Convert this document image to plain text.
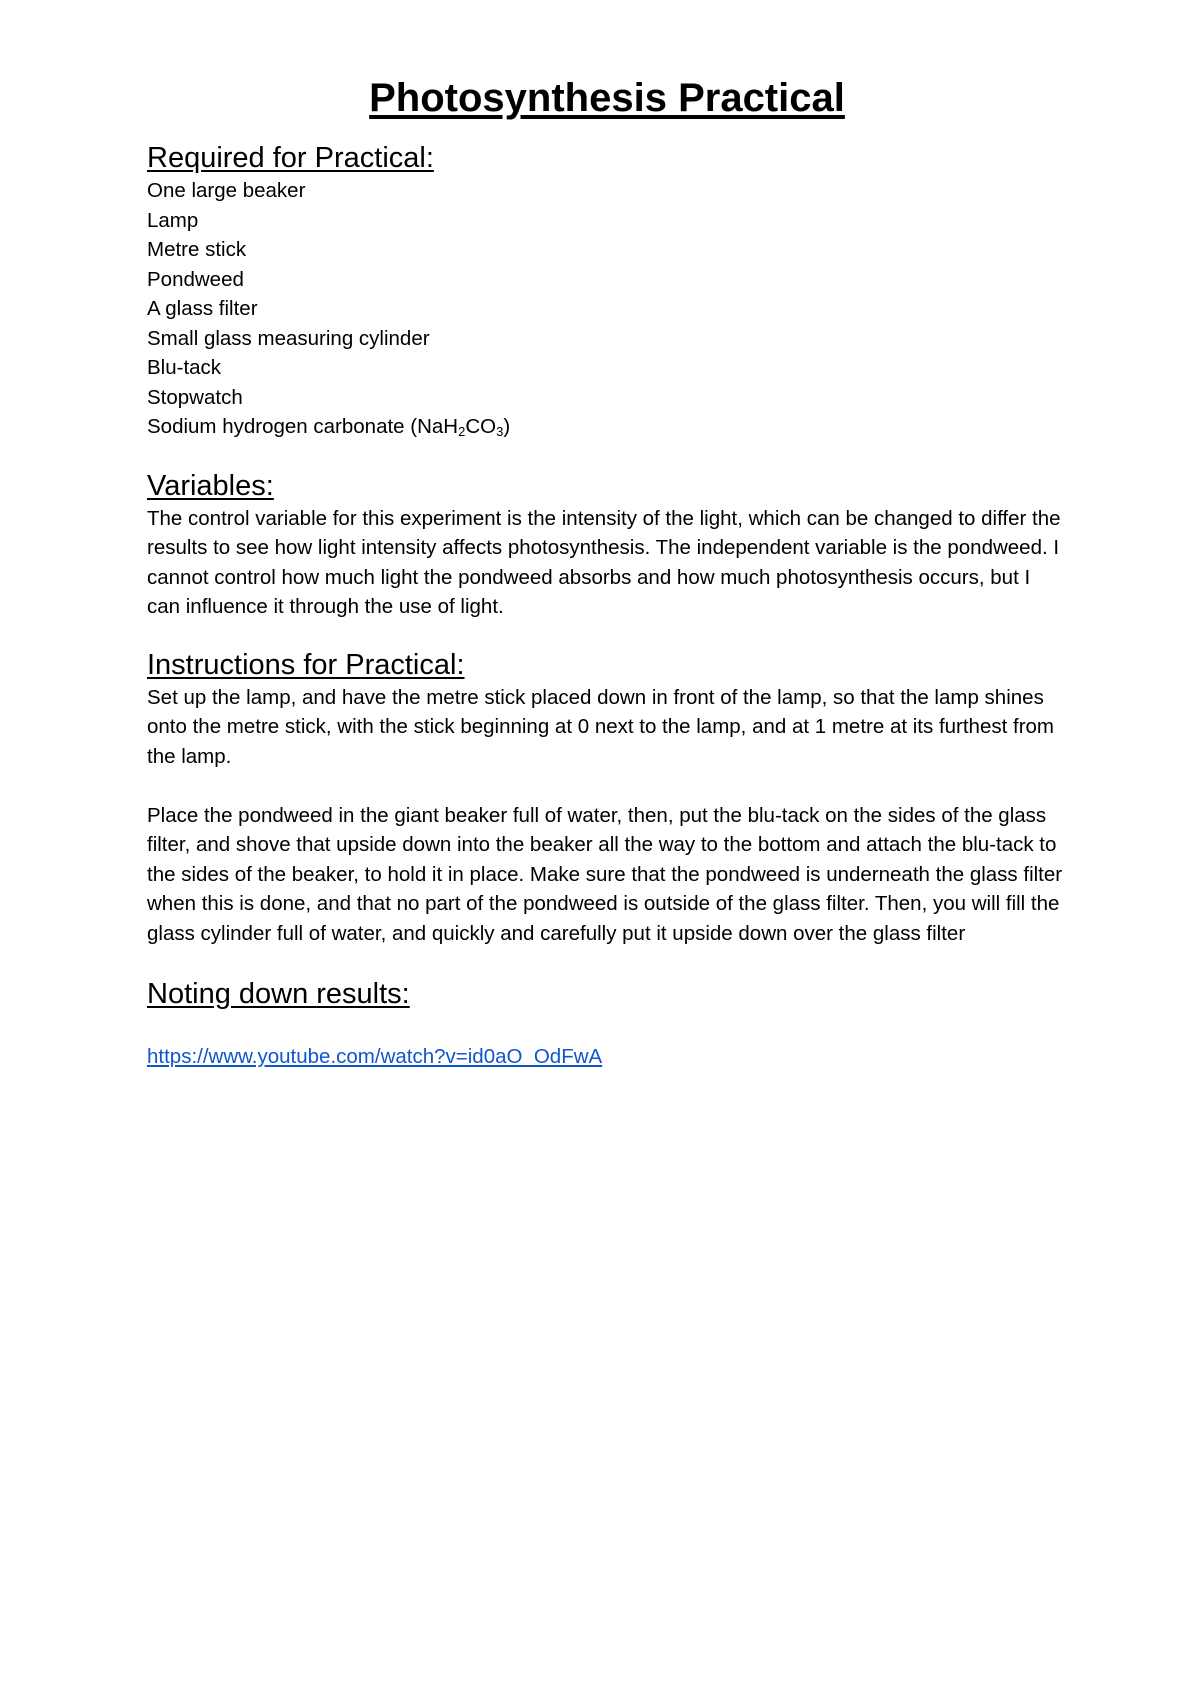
Photosynthesis Practical
Required for Practical:
One large beaker
Lamp
Metre stick
Pondweed
A glass filter
Small glass measuring cylinder
Blu-tack
Stopwatch
Sodium hydrogen carbonate $(NaH_2CO_3)$
Variables:

The control variable for this experiment is the intensity of the light, which can be changed to differ the results to see how light intensity affects photosynthesis. The independent variable is the pondweed. I cannot control how much light the pondweed absorbs and how much photosynthesis occurs, but I can influence it through the use of light.

Instructions for Practical:

Set up the lamp, and have the metre stick placed down in front of the lamp, so that the lamp shines onto the metre stick, with the stick beginning at 0 next to the lamp, and at 1 metre at its furthest from the lamp.

Place the pondweed in the giant beaker full of water, then, put the blu-tack on the sides of the glass filter, and shove that upside down into the beaker all the way to the bottom and attach the blu-tack to the sides of the beaker, to hold it in place. Make sure that the pondweed is underneath the glass filter when this is done, and that no part of the pondweed is outside of the glass filter. Then, you will fill the glass cylinder full of water, and quickly and carefully put it upside down over the glass filter

Noting down results:
https://www.youtube.com/watch?v=id0aO_OdFwA
